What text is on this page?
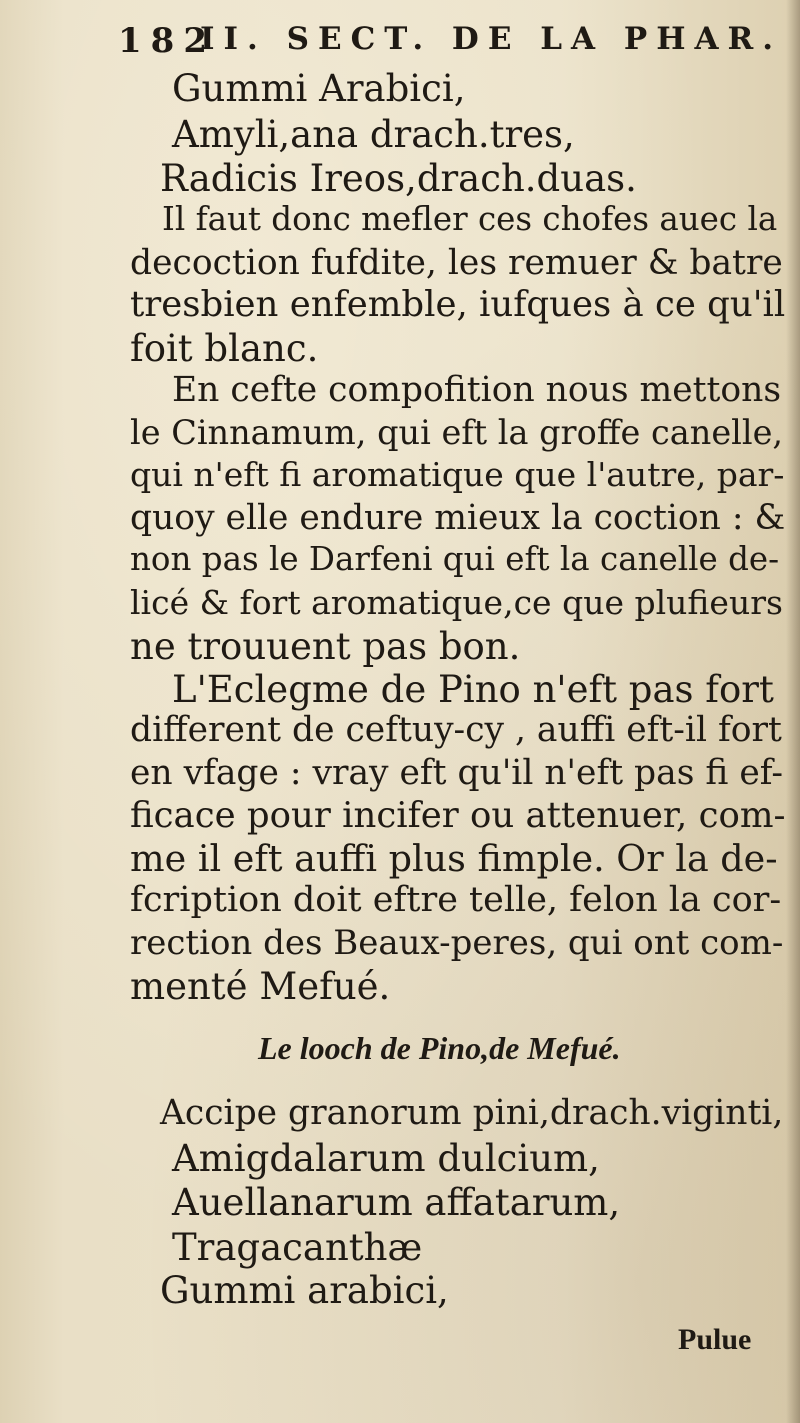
182
II. SECT. DE LA PHAR.
Gummi Arabici,
Amyli,ana drach.tres,
Radicis Ireos,drach.duas.
Il faut donc mefler ces chofes auec la
decoction fufdite, les remuer & batre
tresbien enfemble, iufques à ce qu'il
foit blanc.
En cefte compofition nous mettons
le Cinnamum, qui eft la groffe canelle,
qui n'eft fi aromatique que l'autre, par-
quoy elle endure mieux la coction : &
non pas le Darfeni qui eft la canelle de-
licé & fort aromatique,ce que plufieurs
ne trouuent pas bon.
L'Eclegme de Pino n'eft pas fort
different de ceftuy-cy , auffi eft-il fort
en vfage : vray eft qu'il n'eft pas fi ef-
ficace pour incifer ou attenuer, com-
me il eft auffi plus fimple. Or la de-
fcription doit eftre telle, felon la cor-
rection des Beaux-peres, qui ont com-
menté Mefué.
Le looch de Pino,de Mefué.
Accipe granorum pini,drach.viginti,
Amigdalarum dulcium,
Auellanarum affatarum,
Tragacanthæ
Gummi arabici,
Pulue
